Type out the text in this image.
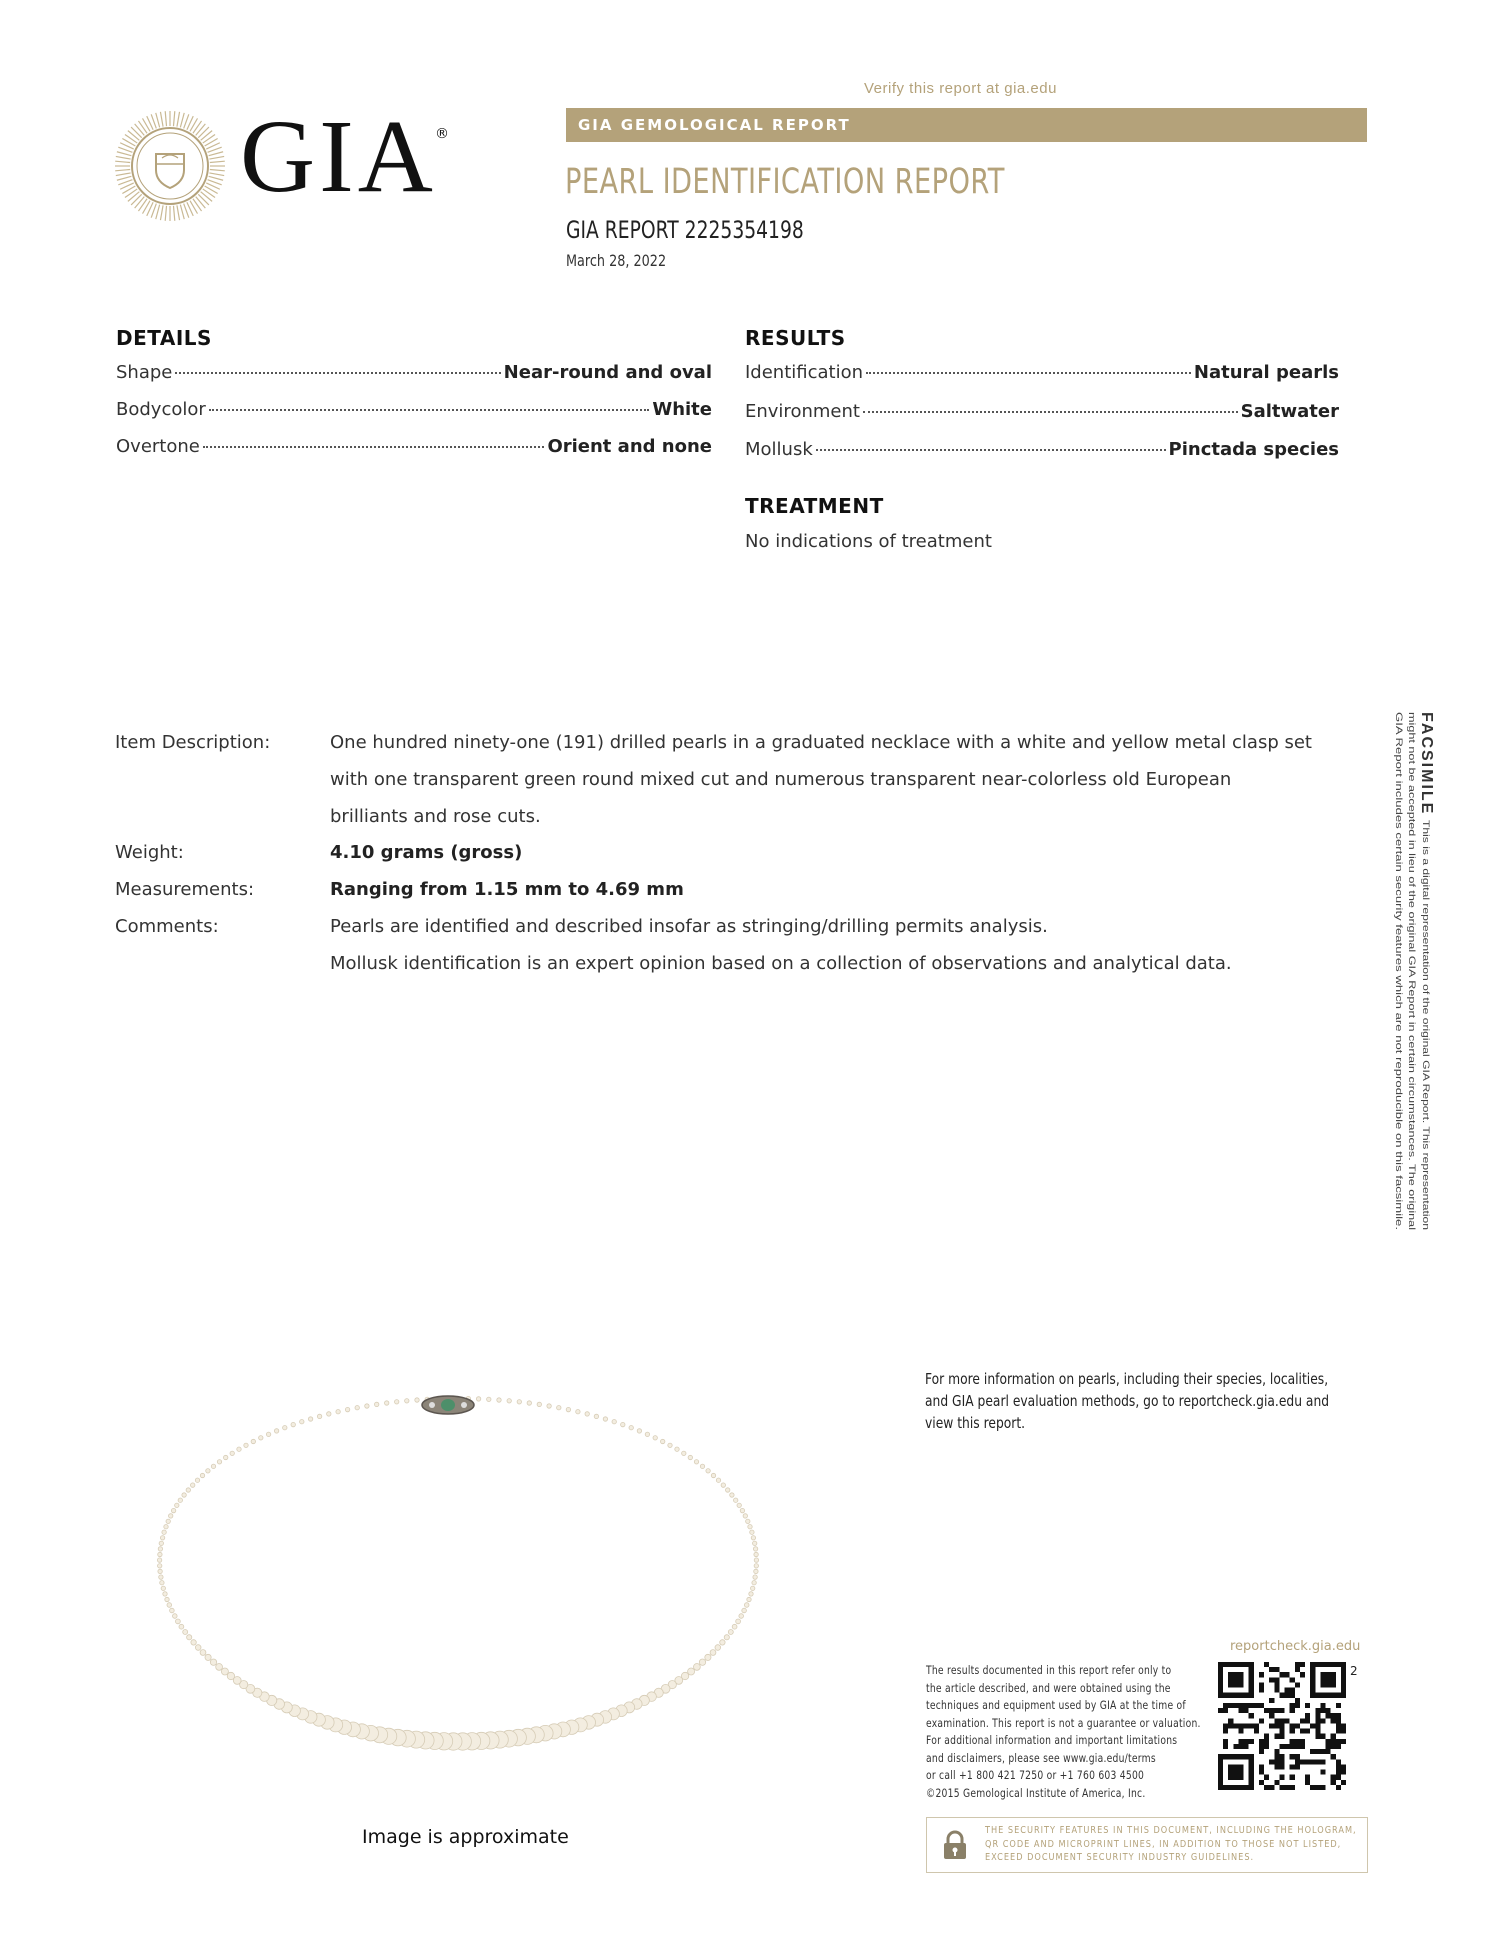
GIA
®
Verify this report at gia.edu
GIA GEMOLOGICAL REPORT
PEARL IDENTIFICATION REPORT
GIA REPORT 2225354198
March 28, 2022
DETAILS
Shape	Near-round and oval
Bodycolor	White
Overtone	Orient and none
RESULTS
Identification	Natural pearls
Environment	Saltwater
Mollusk	Pinctada species
TREATMENT
No indications of treatment
Item Description:	One hundred ninety-one (191) drilled pearls in a graduated necklace with a white and yellow metal clasp set
with one transparent green round mixed cut and numerous transparent near-colorless old European
brilliants and rose cuts.
Weight:	4.10 grams (gross)
Measurements:	Ranging from 1.15 mm to 4.69 mm
Comments:	Pearls are identified and described insofar as stringing/drilling permits analysis.
Mollusk identification is an expert opinion based on a collection of observations and analytical data.
FACSIMILE
This is a digital representation of the original GIA Report. This representation
might not be accepted in lieu of the original GIA Report in certain circumstances. The original
GIA Report includes certain security features which are not reproducible on this facsimile.
Image is approximate
For more information on pearls, including their species, localities, and GIA pearl evaluation methods, go to reportcheck.gia.edu and view this report.
reportcheck.gia.edu
The results documented in this report refer only to
the article described, and were obtained using the
techniques and equipment used by GIA at the time of
examination. This report is not a guarantee or valuation.
For additional information and important limitations
and disclaimers, please see www.gia.edu/terms
or call +1 800 421 7250 or +1 760 603 4500
©2015 Gemological Institute of America, Inc.
2
THE SECURITY FEATURES IN THIS DOCUMENT, INCLUDING THE HOLOGRAM, QR CODE AND MICROPRINT LINES, IN ADDITION TO THOSE NOT LISTED, EXCEED DOCUMENT SECURITY INDUSTRY GUIDELINES.
